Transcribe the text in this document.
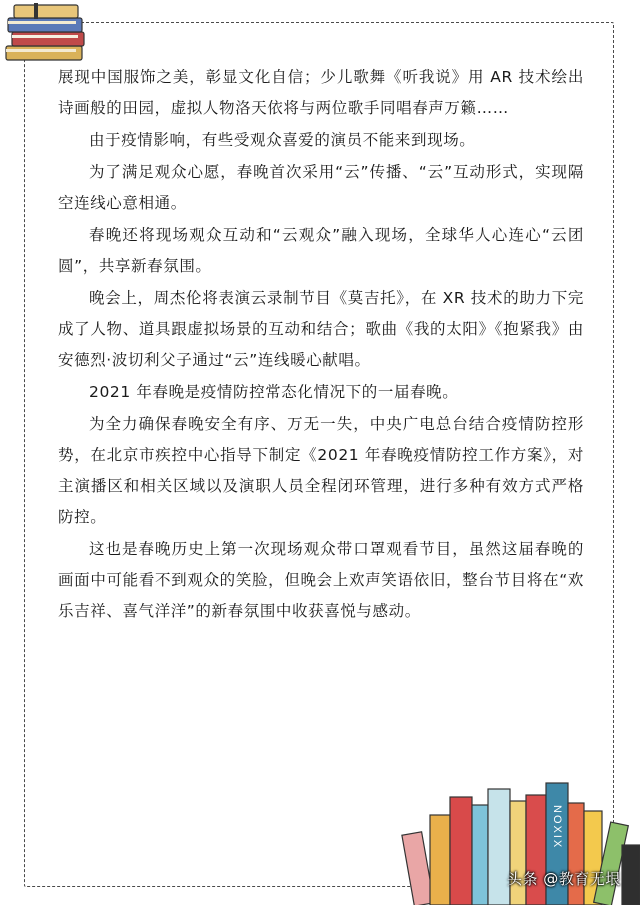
展现中国服饰之美，彰显文化自信；少儿歌舞《听我说》用 AR 技术绘出诗画般的田园，虚拟人物洛天依将与两位歌手同唱春声万籁……

由于疫情影响，有些受观众喜爱的演员不能来到现场。

为了满足观众心愿，春晚首次采用“云”传播、“云”互动形式，实现隔空连线心意相通。

春晚还将现场观众互动和“云观众”融入现场，全球华人心连心“云团圆”，共享新春氛围。

晚会上，周杰伦将表演云录制节目《莫吉托》，在 XR 技术的助力下完成了人物、道具跟虚拟场景的互动和结合；歌曲《我的太阳》《抱紧我》由安德烈·波切利父子通过“云”连线暖心献唱。

2021 年春晚是疫情防控常态化情况下的一届春晚。

为全力确保春晚安全有序、万无一失，中央广电总台结合疫情防控形势，在北京市疾控中心指导下制定《2021 年春晚疫情防控工作方案》，对主演播区和相关区域以及演职人员全程闭环管理，进行多种有效方式严格防控。

这也是春晚历史上第一次现场观众带口罩观看节目，虽然这届春晚的画面中可能看不到观众的笑脸，但晚会上欢声笑语依旧，整台节目将在“欢乐吉祥、喜气洋洋”的新春氛围中收获喜悦与感动。

NOXIX
头条 @教育无垠
